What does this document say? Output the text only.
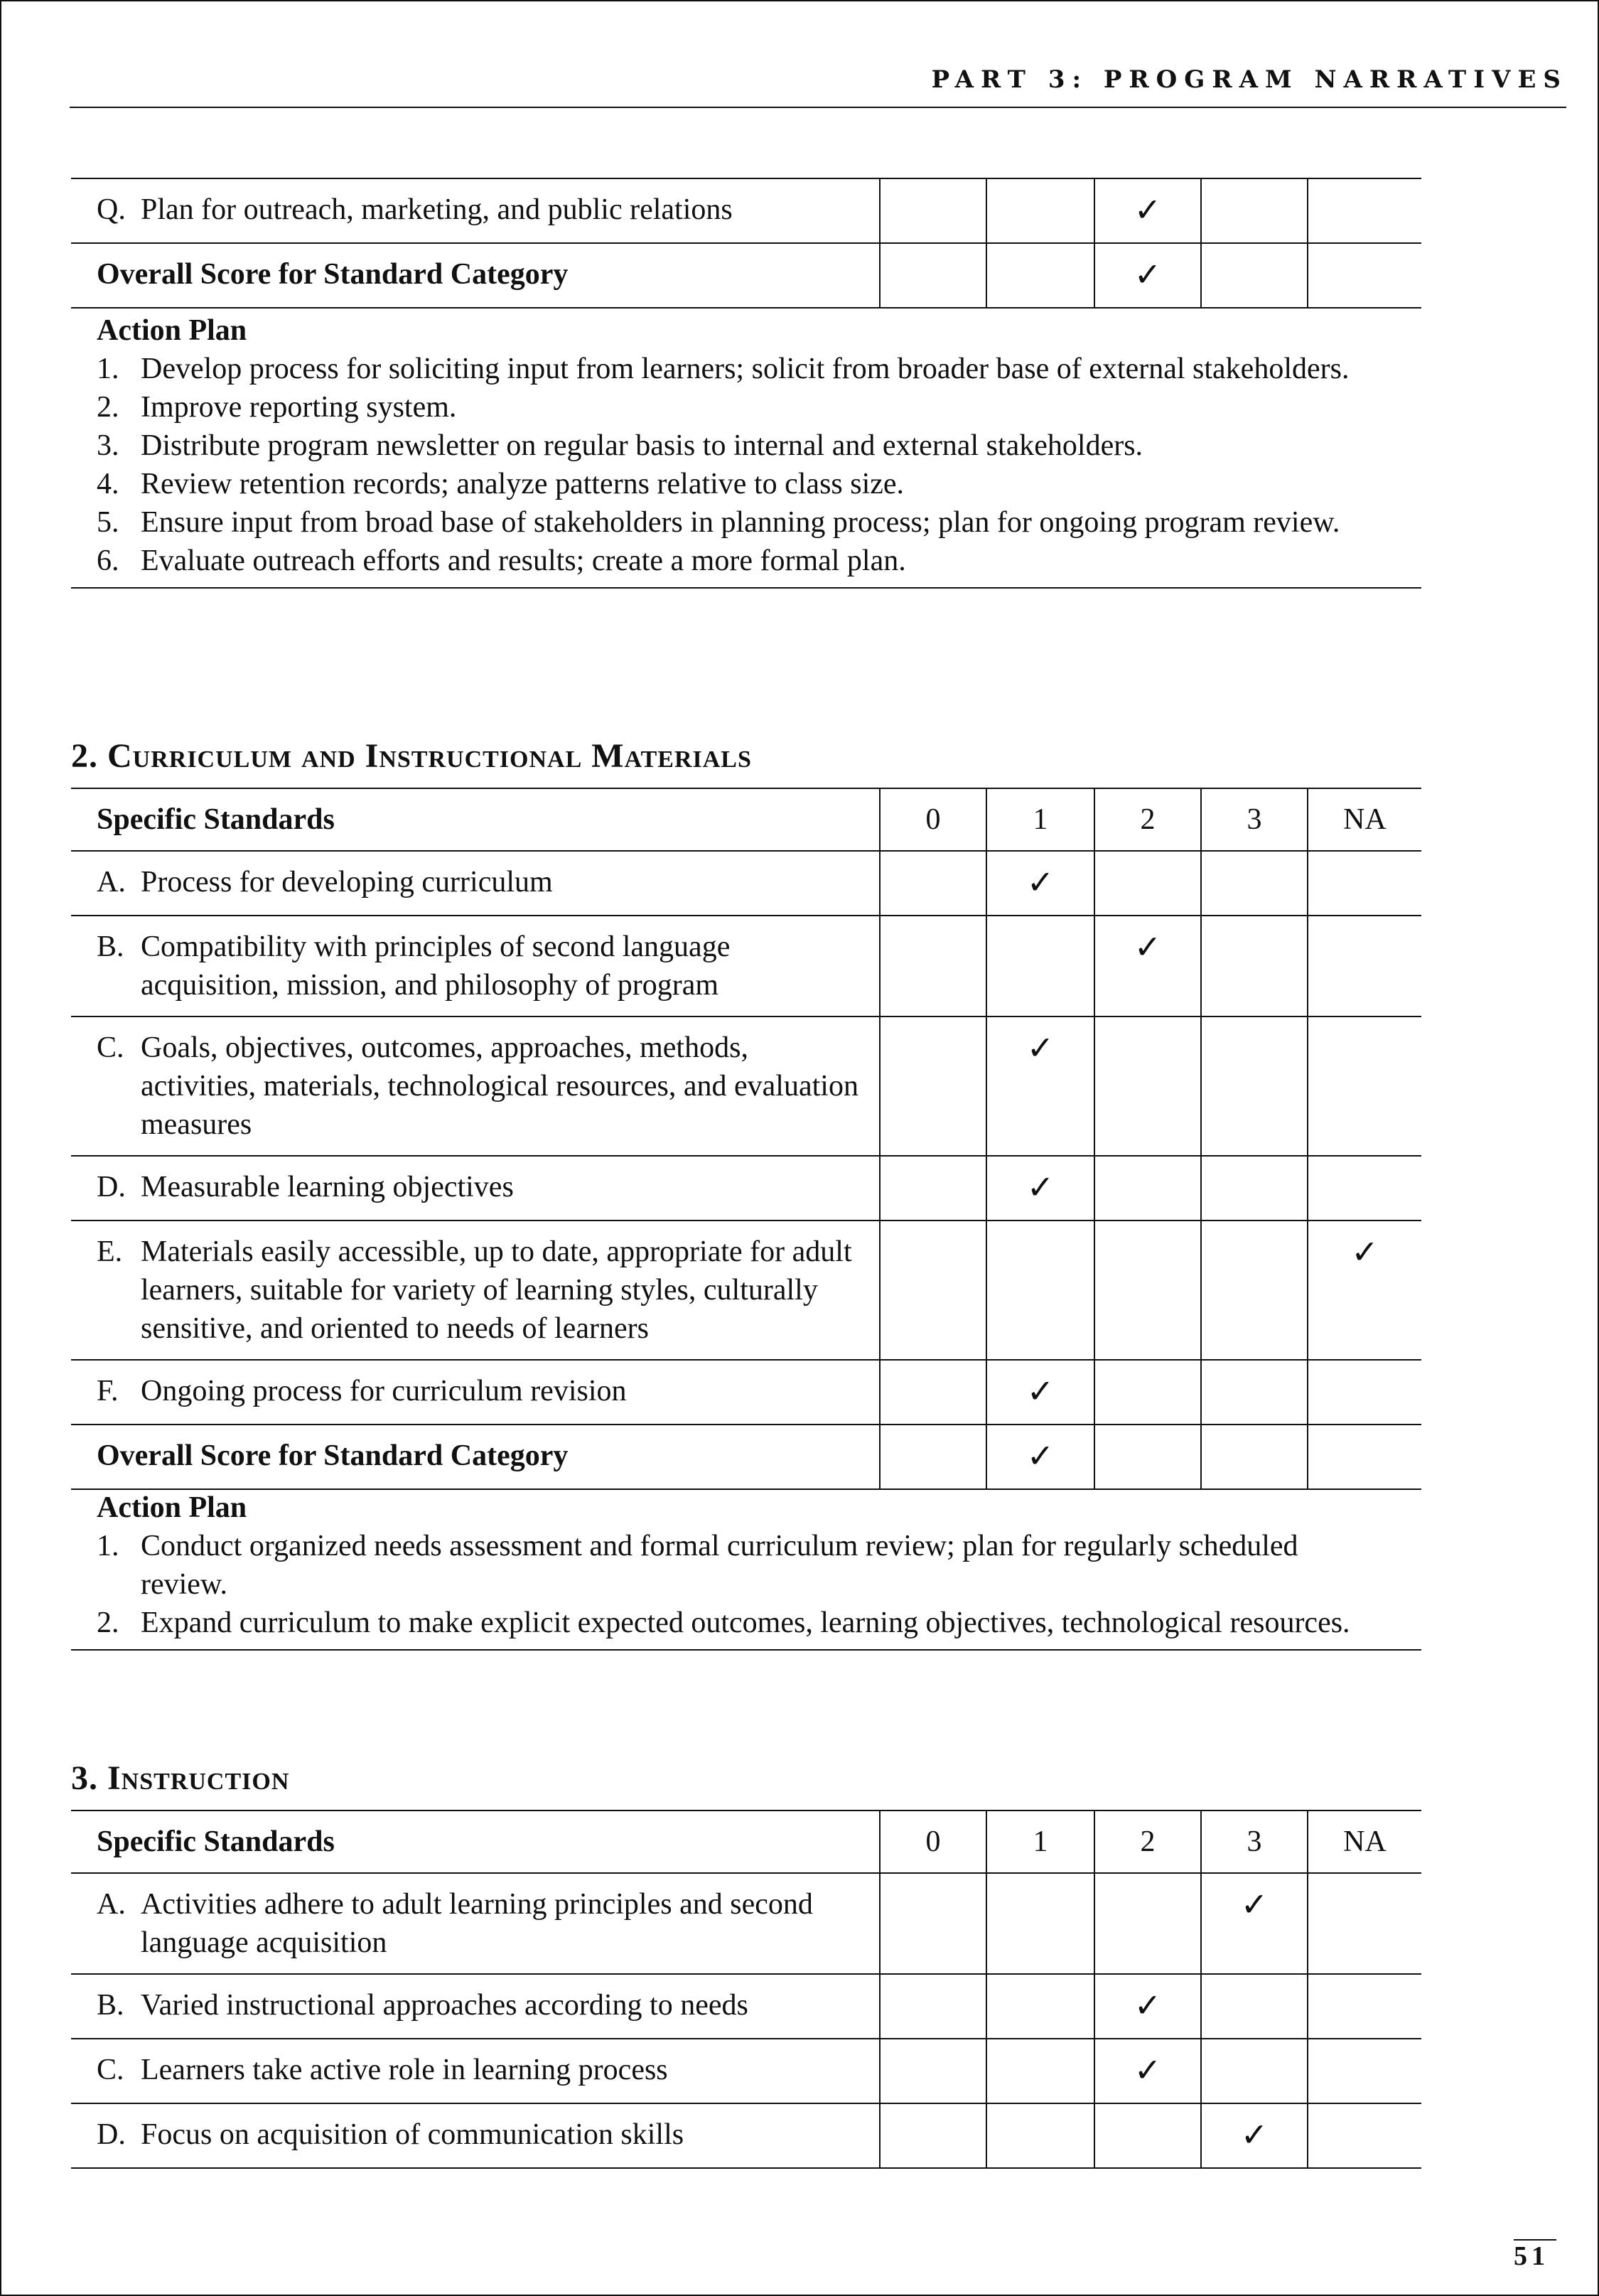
PART 3: PROGRAM NARRATIVES
Q. Plan for outreach, marketing, and public relations			✓		
Overall Score for Standard Category			✓		
Action Plan
1. Develop process for soliciting input from learners; solicit from broader base of external stakeholders.
2. Improve reporting system.
3. Distribute program newsletter on regular basis to internal and external stakeholders.
4. Review retention records; analyze patterns relative to class size.
5. Ensure input from broad base of stakeholders in planning process; plan for ongoing program review.
6. Evaluate outreach efforts and results; create a more formal plan.
2. Curriculum and Instructional Materials
Specific Standards	0	1	2	3	NA

A. Process for developing curriculum		✓			

B. Compatibility with principles of second language acquisition, mission, and philosophy of program			✓		

C. Goals, objectives, outcomes, approaches, methods, activities, materials, technological resources, and evaluation measures		✓			

D. Measurable learning objectives		✓			

E. Materials easily accessible, up to date, appropriate for adult learners, suitable for variety of learning styles, culturally sensitive, and oriented to needs of learners					✓

F. Ongoing process for curriculum revision		✓			
Overall Score for Standard Category		✓			
Action Plan
1. Conduct organized needs assessment and formal curriculum review; plan for regularly scheduled review.
2. Expand curriculum to make explicit expected outcomes, learning objectives, technological resources.
3. Instruction
Specific Standards	0	1	2	3	NA

A. Activities adhere to adult learning principles and second language acquisition				✓	

B. Varied instructional approaches according to needs			✓		

C. Learners take active role in learning process			✓		

D. Focus on acquisition of communication skills				✓	
51
